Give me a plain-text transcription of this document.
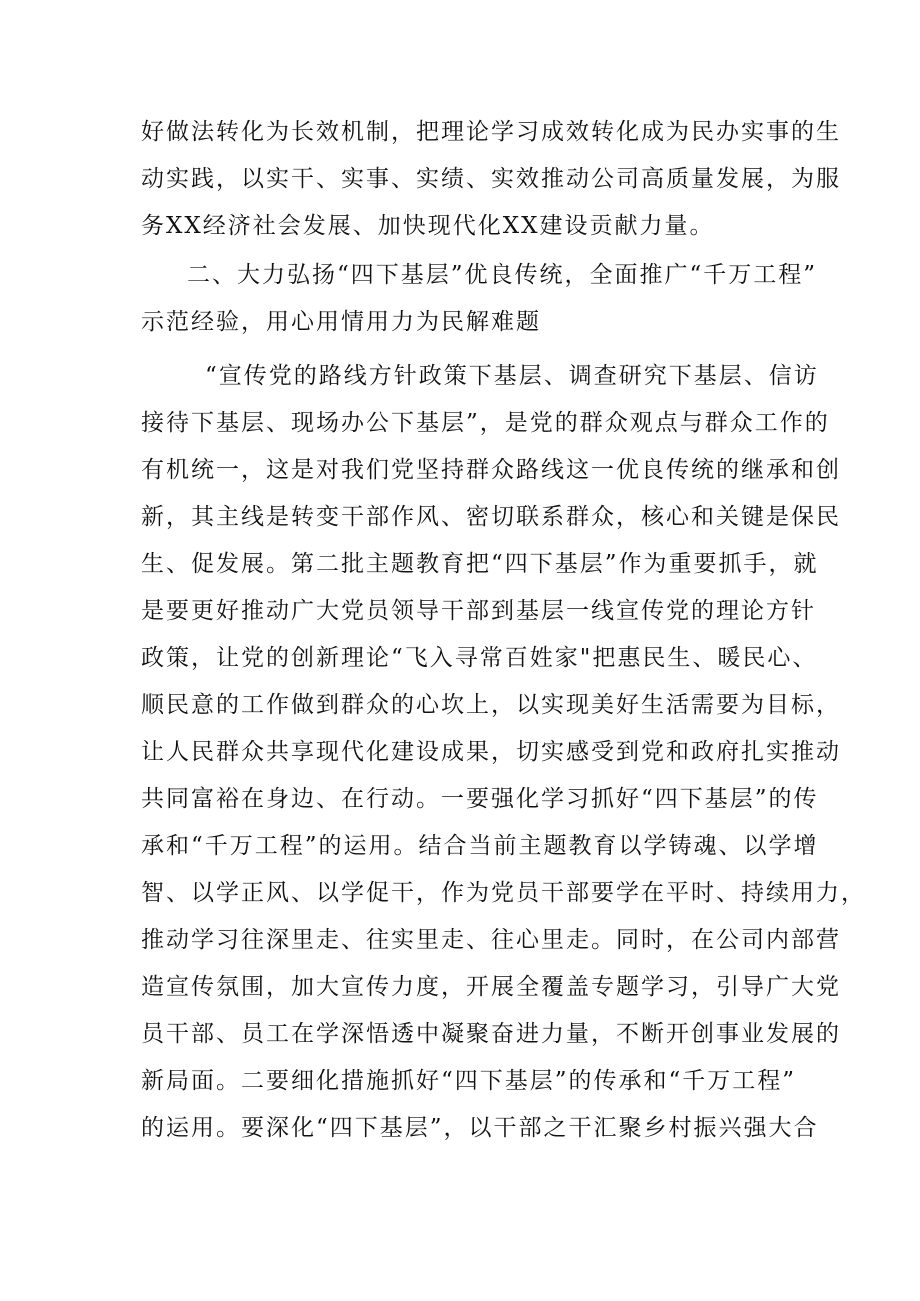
好做法转化为长效机制，把理论学习成效转化成为民办实事的生
动实践，以实干、实事、实绩、实效推动公司高质量发展，为服
务XX经济社会发展、加快现代化XX建设贡献力量。
二、大力弘扬“四下基层”优良传统，全面推广“千万工程”
示范经验，用心用情用力为民解难题
“宣传党的路线方针政策下基层、调查研究下基层、信访
接待下基层、现场办公下基层”，是党的群众观点与群众工作的
有机统一，这是对我们党坚持群众路线这一优良传统的继承和创
新，其主线是转变干部作风、密切联系群众，核心和关键是保民
生、促发展。第二批主题教育把“四下基层”作为重要抓手，就
是要更好推动广大党员领导干部到基层一线宣传党的理论方针
政策，让党的创新理论“飞入寻常百姓家"把惠民生、暖民心、
顺民意的工作做到群众的心坎上，以实现美好生活需要为目标，
让人民群众共享现代化建设成果，切实感受到党和政府扎实推动
共同富裕在身边、在行动。一要强化学习抓好“四下基层”的传
承和“千万工程”的运用。结合当前主题教育以学铸魂、以学增
智、以学正风、以学促干，作为党员干部要学在平时、持续用力，
推动学习往深里走、往实里走、往心里走。同时，在公司内部营
造宣传氛围，加大宣传力度，开展全覆盖专题学习，引导广大党
员干部、员工在学深悟透中凝聚奋进力量，不断开创事业发展的
新局面。二要细化措施抓好“四下基层”的传承和“千万工程”
的运用。要深化“四下基层”，以干部之干汇聚乡村振兴强大合
